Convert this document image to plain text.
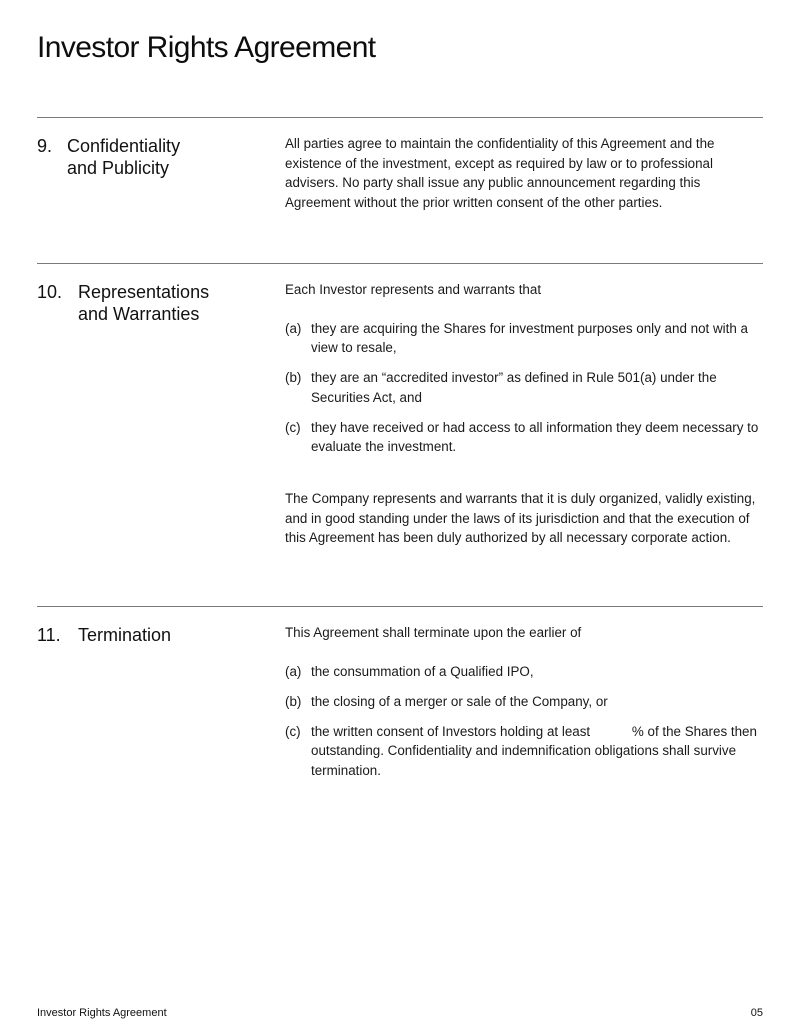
Investor Rights Agreement
9. Confidentiality
and Publicity

All parties agree to maintain the confidentiality of this Agreement and the existence of the investment, except as required by law or to professional advisers. No party shall issue any public announcement regarding this Agreement without the prior written consent of the other parties.

10. Representations
and Warranties

Each Investor represents and warrants that

(a) they are acquiring the Shares for investment purposes only and not with a view to resale,
(b) they are an “accredited investor” as defined in Rule 501(a) under the Securities Act, and
(c) they have received or had access to all information they deem necessary to evaluate the investment.

The Company represents and warrants that it is duly organized, validly existing, and in good standing under the laws of its jurisdiction and that the execution of this Agreement has been duly authorized by all necessary corporate action.

11. Termination	This Agreement shall terminate upon the earlier of

(a) the consummation of a Qualified IPO,
(b) the closing of a merger or sale of the Company, or
(c) the written consent of Investors holding at least	% of the Shares then outstanding. Confidentiality and indemnification obligations shall survive termination.
Investor Rights Agreement	05
